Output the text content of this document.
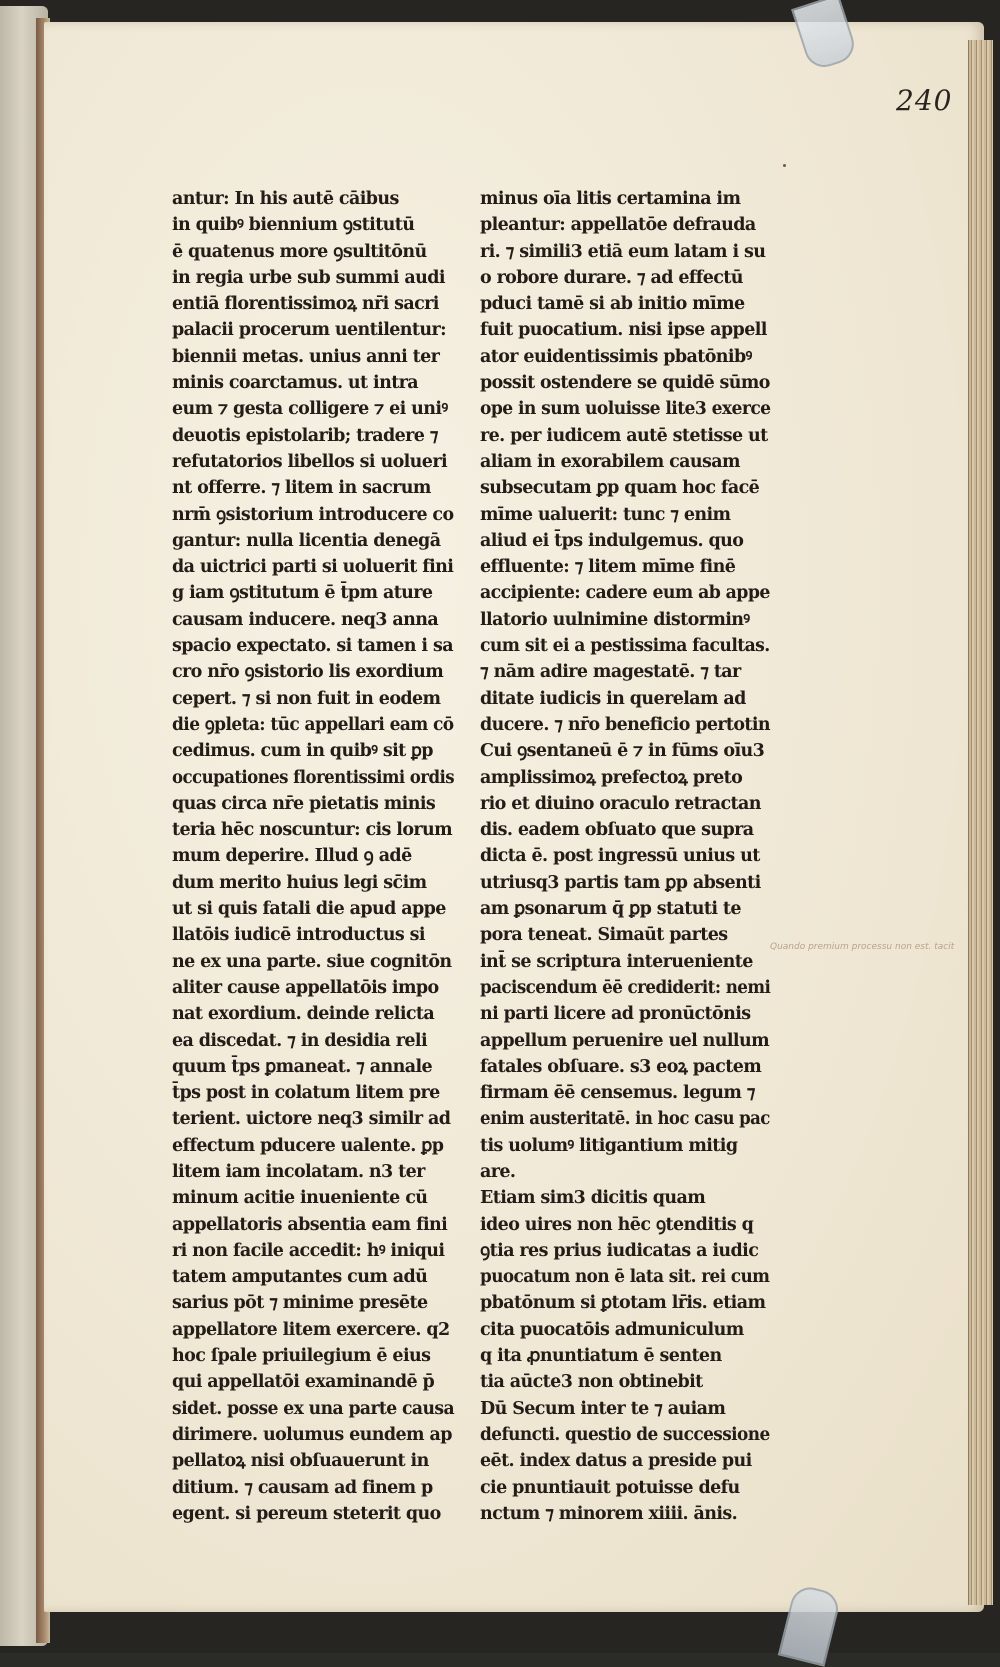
240
antur: In his autē cāibus
in quibꝰ biennium ꝯstitutū
ē quatenus more ꝯsultitōnū
in regia urbe sub summi audi
entiā florentissimoꝝ nr̄i sacri
palacii procerum uentilentur:
biennii metas. unius anni ter
minis coarctamus. ut intra
eum ⁊ gesta colligere ⁊ ei uniꝰ
deuotis epistolarib; tradere ⁊
refutatorios libellos si uolueri
nt offerre. ⁊ litem in sacrum
nrm̄ ꝯsistorium introducere co
gantur: nulla licentia denegā
da uictrici parti si uoluerit fini
g iam ꝯstitutum ē t̄pm ature
causam inducere. neq3 anna
spacio expectato. si tamen i sa
cro nr̄o ꝯsistorio lis exordium
cepert. ⁊ si non fuit in eodem
die ꝯpleta: tūc appellari eam cō
cedimus. cum in quibꝰ sit ꝑp
occupationes florentissimi ordis
quas circa nr̄e pietatis minis
teria hēc noscuntur: cis lorum
mum deperire. Illud ꝯ adē
dum merito huius legi sc̄im
ut si quis fatali die apud appe
llatōis iudicē introductus si
ne ex una parte. siue cognitōn
aliter cause appellatōis impo
nat exordium. deinde relicta
ea discedat. ⁊ in desidia reli
quum t̄ps ꝑmaneat. ⁊ annale
t̄ps post in colatum litem pre
terient. uictore neq3 similr ad
effectum pducere ualente. ꝑp
litem iam incolatam. n3 ter
minum acitie inueniente cū
appellatoris absentia eam fini
ri non facile accedit: hꝰ iniqui
tatem amputantes cum adū
sarius pōt ⁊ minime presēte
appellatore litem exercere. q2
hoc ſpale priuilegium ē eius
qui appellatōi examinandē p̄
sidet. posse ex una parte causa
dirimere. uolumus eundem ap
pellatoꝝ nisi obſuauerunt in
ditium. ⁊ causam ad finem p
egent. si pereum steterit quo
minus oīa litis certamina im
pleantur: appellatōe defrauda
ri. ⁊ simili3 etiā eum latam i su
o robore durare. ⁊ ad effectū
pduci tamē si ab initio mīme
fuit puocatium. nisi ipse appell
ator euidentissimis pbatōnibꝰ
possit ostendere se quidē sūmo
ope in sum uoluisse lite3 exerce
re. per iudicem autē stetisse ut
aliam in exorabilem causam
subsecutam ꝑp quam hoc facē
mīme ualuerit: tunc ⁊ enim
aliud ei t̄ps indulgemus. quo
effluente: ⁊ litem mīme finē
accipiente: cadere eum ab appe
llatorio uulnimine distorminꝰ
cum sit ei a pestissima facultas.
⁊ nām adire magestatē. ⁊ tar
ditate iudicis in querelam ad
ducere. ⁊ nr̄o beneficio pertotin
Cui ꝯsentaneū ē ⁊ in fūms oīu3
amplissimoꝝ prefectoꝝ preto
rio et diuino oraculo retractan
dis. eadem obſuato que supra
dicta ē. post ingressū unius ut
utriusq3 partis tam ꝑp absenti
am ꝑsonarum q̄ ꝑp statuti te
pora teneat. Simaūt partes
int̄ se scriptura interueniente
paciscendum ēē crediderit: nemi
ni parti licere ad pronūctōnis
appellum peruenire uel nullum
fatales obſuare. s3 eoꝝ pactem
firmam ēē censemus. legum ⁊
enim austeritatē. in hoc casu pac
tis uolumꝰ litigantium mitig
are.
Etiam sim3 dicitis quam
ideo uires non hēc ꝯtenditis q
ꝯtia res prius iudicatas a iudic
puocatum non ē lata sit. rei cum
pbatōnum si ꝑtotam lr̄is. etiam
cita puocatōis admuniculum
q ita ꝓnuntiatum ē senten
tia aūcte3 non obtinebit
Dū Secum inter te ⁊ auiam
defuncti. questio de successione
eēt. index datus a preside pui
cie pnuntiauit potuisse defu
nctum ⁊ minorem xiiii. ānis.
Quando premium processu non est. tacit
